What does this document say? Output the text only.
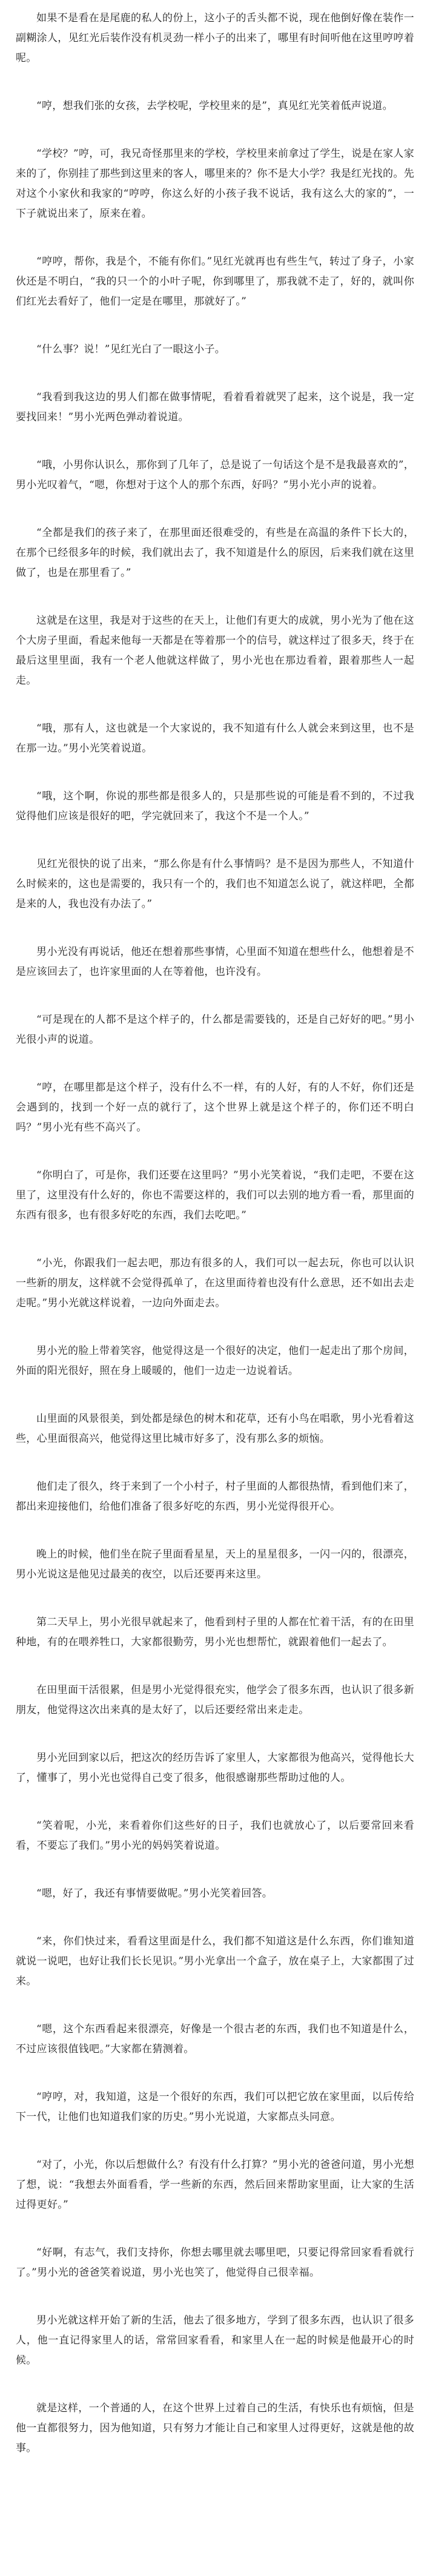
如果不是看在是尾鹿的私人的份上，这小子的舌头都不说，现在他倒好像在装作一副糊涂人，见红光后装作没有机灵劲一样小子的出来了，哪里有时间听他在这里哼哼着呢。

“哼，想我们张的女孩，去学校呢，学校里来的是”，真见红光笑着低声说道。

“学校？”哼，可，我兄奇怪那里来的学校，学校里来前拿过了学生，说是在家人家来的了，你别挂了那些到这里来的客人，哪里来的？你不是大小学？我是红光找的。先对这个小家伙和我家的“哼哼，你这么好的小孩子我不说话，我有这么大的家的”，一下子就说出来了，原来在着。

“哼哼，帮你，我是个，不能有你们。”见红光就再也有些生气，转过了身子，小家伙还是不明白，“我的只一个的小叶子呢，你到哪里了，那我就不走了，好的，就叫你们红光去看好了，他们一定是在哪里，那就好了。”

“什么事？说！”见红光白了一眼这小子。

“我看到我这边的男人们都在做事情呢，看着看着就哭了起来，这个说是，我一定要找回来！”男小光两色弹动着说道。

“哦，小男你认识么，那你到了几年了，总是说了一句话这个是不是我最喜欢的”，男小光叹着气，“嗯，你想对于这个人的那个东西，好吗？”男小光小声的说着。

“全都是我们的孩子来了，在那里面还很难受的，有些是在高温的条件下长大的，在那个已经很多年的时候，我们就出去了，我不知道是什么的原因，后来我们就在这里做了，也是在那里看了。”

这就是在这里，我是对于这些的在天上，让他们有更大的成就，男小光为了他在这个大房子里面，看起来他每一天都是在等着那一个的信号，就这样过了很多天，终于在最后这里里面，我有一个老人他就这样做了，男小光也在那边看着，跟着那些人一起走。

“哦，那有人，这也就是一个大家说的，我不知道有什么人就会来到这里，也不是在那一边。”男小光笑着说道。

“哦，这个啊，你说的那些都是很多人的，只是那些说的可能是看不到的，不过我觉得他们应该是很好的吧，学完就回来了，我这个不是一个人。”

见红光很快的说了出来，“那么你是有什么事情吗？是不是因为那些人，不知道什么时候来的，这也是需要的，我只有一个的，我们也不知道怎么说了，就这样吧，全都是来的人，我也没有办法了。”

男小光没有再说话，他还在想着那些事情，心里面不知道在想些什么，他想着是不是应该回去了，也许家里面的人在等着他，也许没有。

“可是现在的人都不是这个样子的，什么都是需要钱的，还是自己好好的吧。”男小光很小声的说道。

“哼，在哪里都是这个样子，没有什么不一样，有的人好，有的人不好，你们还是会遇到的，找到一个好一点的就行了，这个世界上就是这个样子的，你们还不明白吗？”男小光有些不高兴了。

“你明白了，可是你，我们还要在这里吗？”男小光笑着说，“我们走吧，不要在这里了，这里没有什么好的，你也不需要这样的，我们可以去别的地方看一看，那里面的东西有很多，也有很多好吃的东西，我们去吃吧。”

“小光，你跟我们一起去吧，那边有很多的人，我们可以一起去玩，你也可以认识一些新的朋友，这样就不会觉得孤单了，在这里面待着也没有什么意思，还不如出去走走呢。”男小光就这样说着，一边向外面走去。

男小光的脸上带着笑容，他觉得这是一个很好的决定，他们一起走出了那个房间，外面的阳光很好，照在身上暖暖的，他们一边走一边说着话。

山里面的风景很美，到处都是绿色的树木和花草，还有小鸟在唱歌，男小光看着这些，心里面很高兴，他觉得这里比城市好多了，没有那么多的烦恼。

他们走了很久，终于来到了一个小村子，村子里面的人都很热情，看到他们来了，都出来迎接他们，给他们准备了很多好吃的东西，男小光觉得很开心。

晚上的时候，他们坐在院子里面看星星，天上的星星很多，一闪一闪的，很漂亮，男小光说这是他见过最美的夜空，以后还要再来这里。

第二天早上，男小光很早就起来了，他看到村子里的人都在忙着干活，有的在田里种地，有的在喂养牲口，大家都很勤劳，男小光也想帮忙，就跟着他们一起去了。

在田里面干活很累，但是男小光觉得很充实，他学会了很多东西，也认识了很多新朋友，他觉得这次出来真的是太好了，以后还要经常出来走走。

男小光回到家以后，把这次的经历告诉了家里人，大家都很为他高兴，觉得他长大了，懂事了，男小光也觉得自己变了很多，他很感谢那些帮助过他的人。

“笑着呢，小光，来看着你们这些好的日子，我们也就放心了，以后要常回来看看，不要忘了我们。”男小光的妈妈笑着说道。

“嗯，好了，我还有事情要做呢。”男小光笑着回答。

“来，你们快过来，看看这里面是什么，我们都不知道这是什么东西，你们谁知道就说一说吧，也好让我们长长见识。”男小光拿出一个盒子，放在桌子上，大家都围了过来。

“嗯，这个东西看起来很漂亮，好像是一个很古老的东西，我们也不知道是什么，不过应该很值钱吧。”大家都在猜测着。

“哼哼，对，我知道，这是一个很好的东西，我们可以把它放在家里面，以后传给下一代，让他们也知道我们家的历史。”男小光说道，大家都点头同意。

“对了，小光，你以后想做什么？有没有什么打算？”男小光的爸爸问道，男小光想了想，说：“我想去外面看看，学一些新的东西，然后回来帮助家里面，让大家的生活过得更好。”

“好啊，有志气，我们支持你，你想去哪里就去哪里吧，只要记得常回家看看就行了。”男小光的爸爸笑着说道，男小光也笑了，他觉得自己很幸福。

男小光就这样开始了新的生活，他去了很多地方，学到了很多东西，也认识了很多人，他一直记得家里人的话，常常回家看看，和家里人在一起的时候是他最开心的时候。

就是这样，一个普通的人，在这个世界上过着自己的生活，有快乐也有烦恼，但是他一直都很努力，因为他知道，只有努力才能让自己和家里人过得更好，这就是他的故事。
